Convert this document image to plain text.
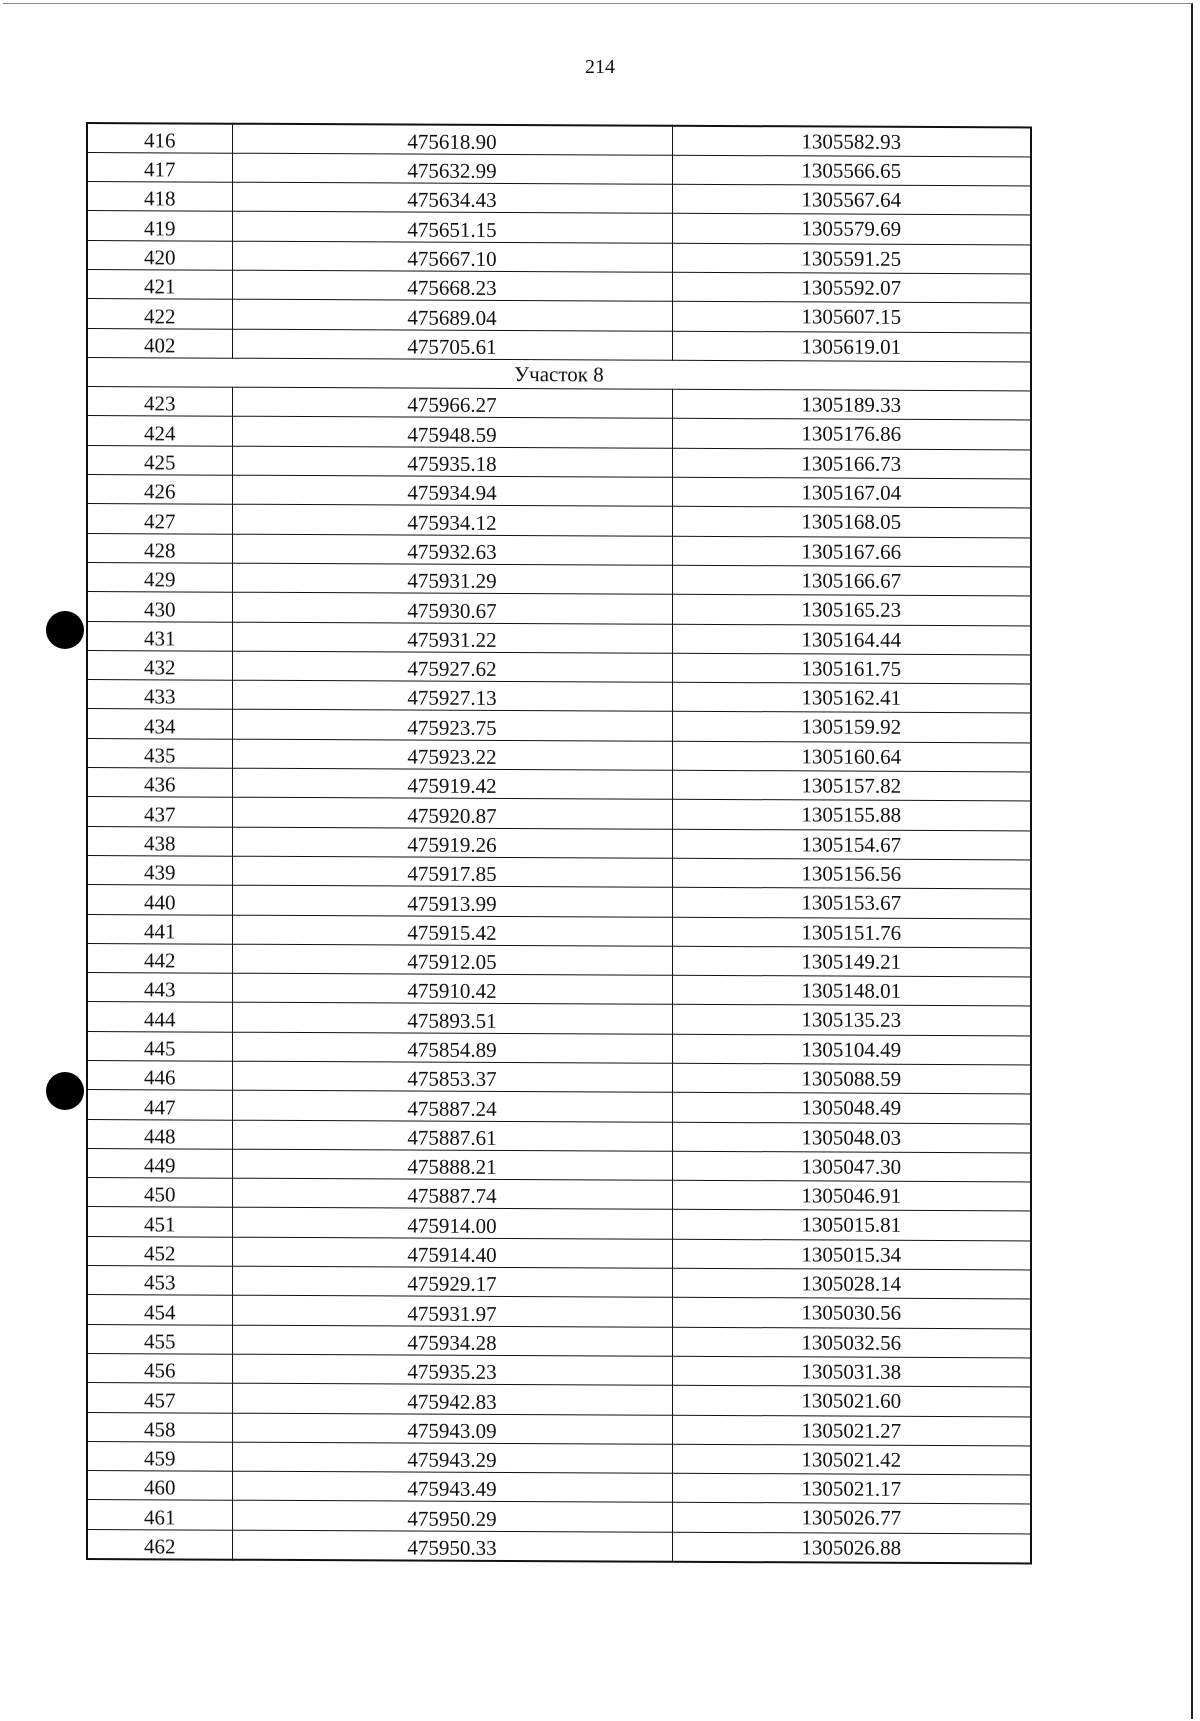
214
416	475618.90	1305582.93
417	475632.99	1305566.65
418	475634.43	1305567.64
419	475651.15	1305579.69
420	475667.10	1305591.25
421	475668.23	1305592.07
422	475689.04	1305607.15
402	475705.61	1305619.01
Участок 8		
423	475966.27	1305189.33
424	475948.59	1305176.86
425	475935.18	1305166.73
426	475934.94	1305167.04
427	475934.12	1305168.05
428	475932.63	1305167.66
429	475931.29	1305166.67
430	475930.67	1305165.23
431	475931.22	1305164.44
432	475927.62	1305161.75
433	475927.13	1305162.41
434	475923.75	1305159.92
435	475923.22	1305160.64
436	475919.42	1305157.82
437	475920.87	1305155.88
438	475919.26	1305154.67
439	475917.85	1305156.56
440	475913.99	1305153.67
441	475915.42	1305151.76
442	475912.05	1305149.21
443	475910.42	1305148.01
444	475893.51	1305135.23
445	475854.89	1305104.49
446	475853.37	1305088.59
447	475887.24	1305048.49
448	475887.61	1305048.03
449	475888.21	1305047.30
450	475887.74	1305046.91
451	475914.00	1305015.81
452	475914.40	1305015.34
453	475929.17	1305028.14
454	475931.97	1305030.56
455	475934.28	1305032.56
456	475935.23	1305031.38
457	475942.83	1305021.60
458	475943.09	1305021.27
459	475943.29	1305021.42
460	475943.49	1305021.17
461	475950.29	1305026.77
462	475950.33	1305026.88
